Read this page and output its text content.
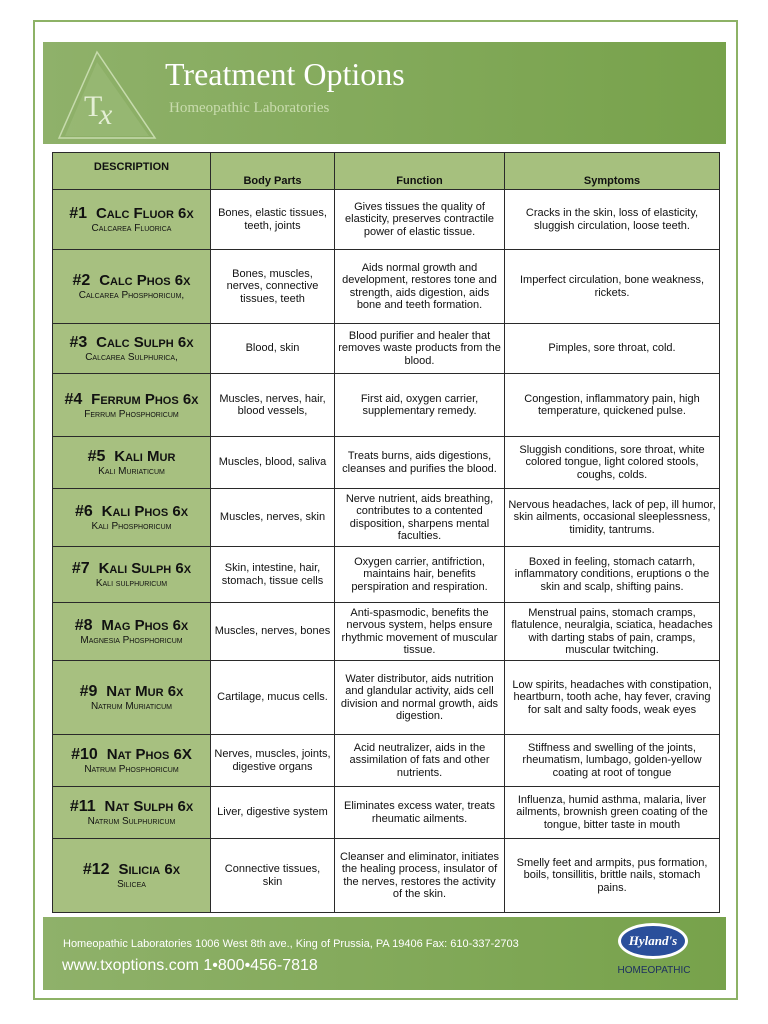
T
x
Treatment Options
Homeopathic Laboratories
DESCRIPTION	Body Parts	Function	Symptoms

#1 Calc Fluor 6x
Calcarea Fluorica	Bones, elastic tissues, teeth, joints	Gives tissues the quality of elasticity, preserves contractile power of elastic tissue.	Cracks in the skin, loss of elasticity, sluggish circulation, loose teeth.

#2 Calc Phos 6x
Calcarea Phosphoricum,	Bones, muscles, nerves, connective tissues, teeth	Aids normal growth and development, restores tone and strength, aids digestion, aids bone and teeth formation.	Imperfect circulation, bone weakness, rickets.

#3 Calc Sulph 6x
Calcarea Sulphurica,	Blood, skin	Blood purifier and healer that removes waste products from the blood.	Pimples, sore throat, cold.

#4 Ferrum Phos 6x
Ferrum Phosphoricum	Muscles, nerves, hair, blood vessels,	First aid, oxygen carrier, supplementary remedy.	Congestion, inflammatory pain, high temperature, quickened pulse.

#5 Kali Mur
Kali Muriaticum	Muscles, blood, saliva	Treats burns, aids digestions, cleanses and purifies the blood.	Sluggish conditions, sore throat, white colored tongue, light colored stools, coughs, colds.

#6 Kali Phos 6x
Kali Phosphoricum	Muscles, nerves, skin	Nerve nutrient, aids breathing, contributes to a contented disposition, sharpens mental faculties.	Nervous headaches, lack of pep, ill humor, skin ailments, occasional sleeplessness, timidity, tantrums.

#7 Kali Sulph 6x
Kali sulphuricum	Skin, intestine, hair, stomach, tissue cells	Oxygen carrier, antifriction, maintains hair, benefits perspiration and respiration.	Boxed in feeling, stomach catarrh, inflammatory conditions, eruptions o the skin and scalp, shifting pains.

#8 Mag Phos 6x
Magnesia Phosphoricum	Muscles, nerves, bones	Anti-spasmodic, benefits the nervous system, helps ensure rhythmic movement of muscular tissue.	Menstrual pains, stomach cramps, flatulence, neuralgia, sciatica, headaches with darting stabs of pain, cramps, muscular twitching.

#9 Nat Mur 6x
Natrum Muriaticum	Cartilage, mucus cells.	Water distributor, aids nutrition and glandular activity, aids cell division and normal growth, aids digestion.	Low spirits, headaches with constipation, heartburn, tooth ache, hay fever, craving for salt and salty foods, weak eyes

#10 Nat Phos 6X
Natrum Phosphoricum	Nerves, muscles, joints, digestive organs	Acid neutralizer, aids in the assimilation of fats and other nutrients.	Stiffness and swelling of the joints, rheumatism, lumbago, golden-yellow coating at root of tongue

#11 Nat Sulph 6x
Natrum Sulphuricum	Liver, digestive system	Eliminates excess water, treats rheumatic ailments.	Influenza, humid asthma, malaria, liver ailments, brownish green coating of the tongue, bitter taste in mouth

#12 Silicia 6x
Silicea	Connective tissues, skin	Cleanser and eliminator, initiates the healing process, insulator of the nerves, restores the activity of the skin.	Smelly feet and armpits, pus formation, boils, tonsillitis, brittle nails, stomach pains.
Homeopathic Laboratories 1006 West 8th ave., King of Prussia, PA 19406 Fax: 610-337-2703
www.txoptions.com 1•800•456-7818
Hyland's
HOMEOPATHIC
